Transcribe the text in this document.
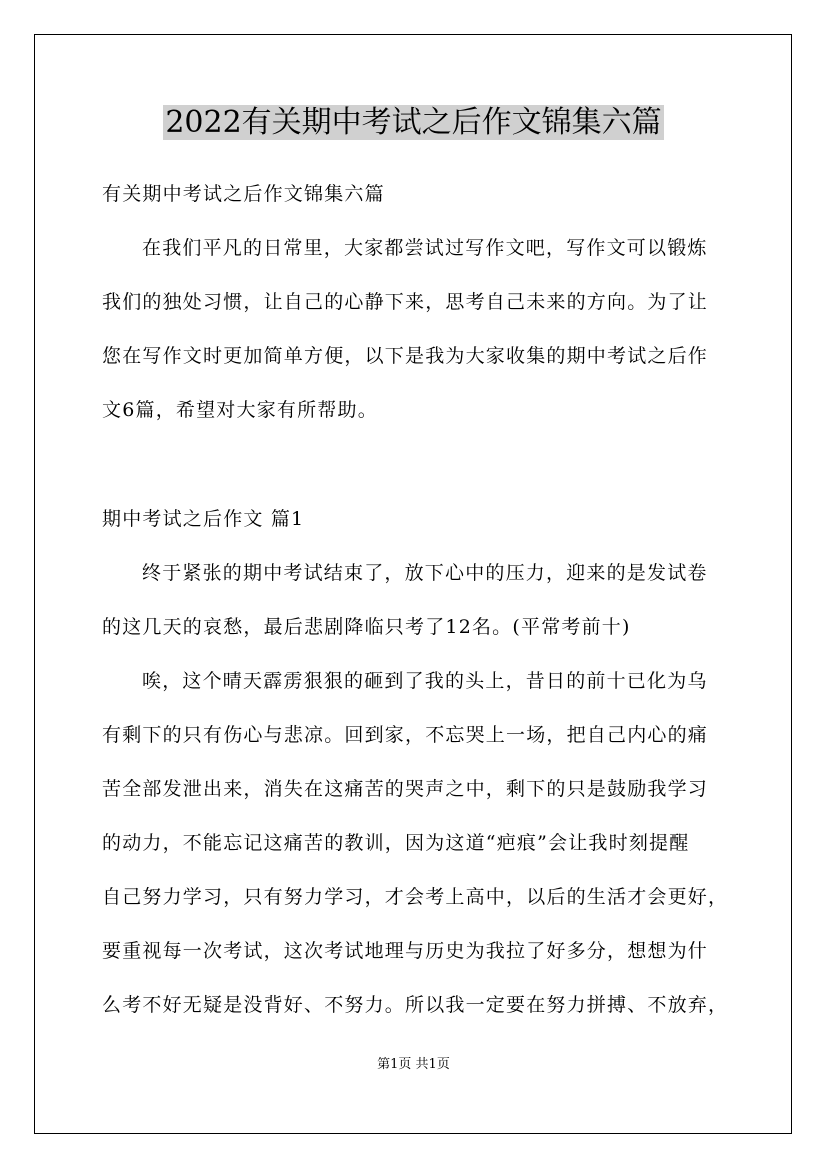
2022有关期中考试之后作文锦集六篇
有关期中考试之后作文锦集六篇
在我们平凡的日常里，大家都尝试过写作文吧，写作文可以锻炼
我们的独处习惯，让自己的心静下来，思考自己未来的方向。为了让
您在写作文时更加简单方便，以下是我为大家收集的期中考试之后作
文6篇，希望对大家有所帮助。
期中考试之后作文 篇1
终于紧张的期中考试结束了，放下心中的压力，迎来的是发试卷
的这几天的哀愁，最后悲剧降临只考了12名。(平常考前十)
唉，这个晴天霹雳狠狠的砸到了我的头上，昔日的前十已化为乌
有剩下的只有伤心与悲凉。回到家，不忘哭上一场，把自己内心的痛
苦全部发泄出来，消失在这痛苦的哭声之中，剩下的只是鼓励我学习
的动力，不能忘记这痛苦的教训，因为这道“疤痕”会让我时刻提醒
自己努力学习，只有努力学习，才会考上高中，以后的生活才会更好，
要重视每一次考试，这次考试地理与历史为我拉了好多分，想想为什
么考不好无疑是没背好、不努力。所以我一定要在努力拼搏、不放弃，
第1页 共1页
